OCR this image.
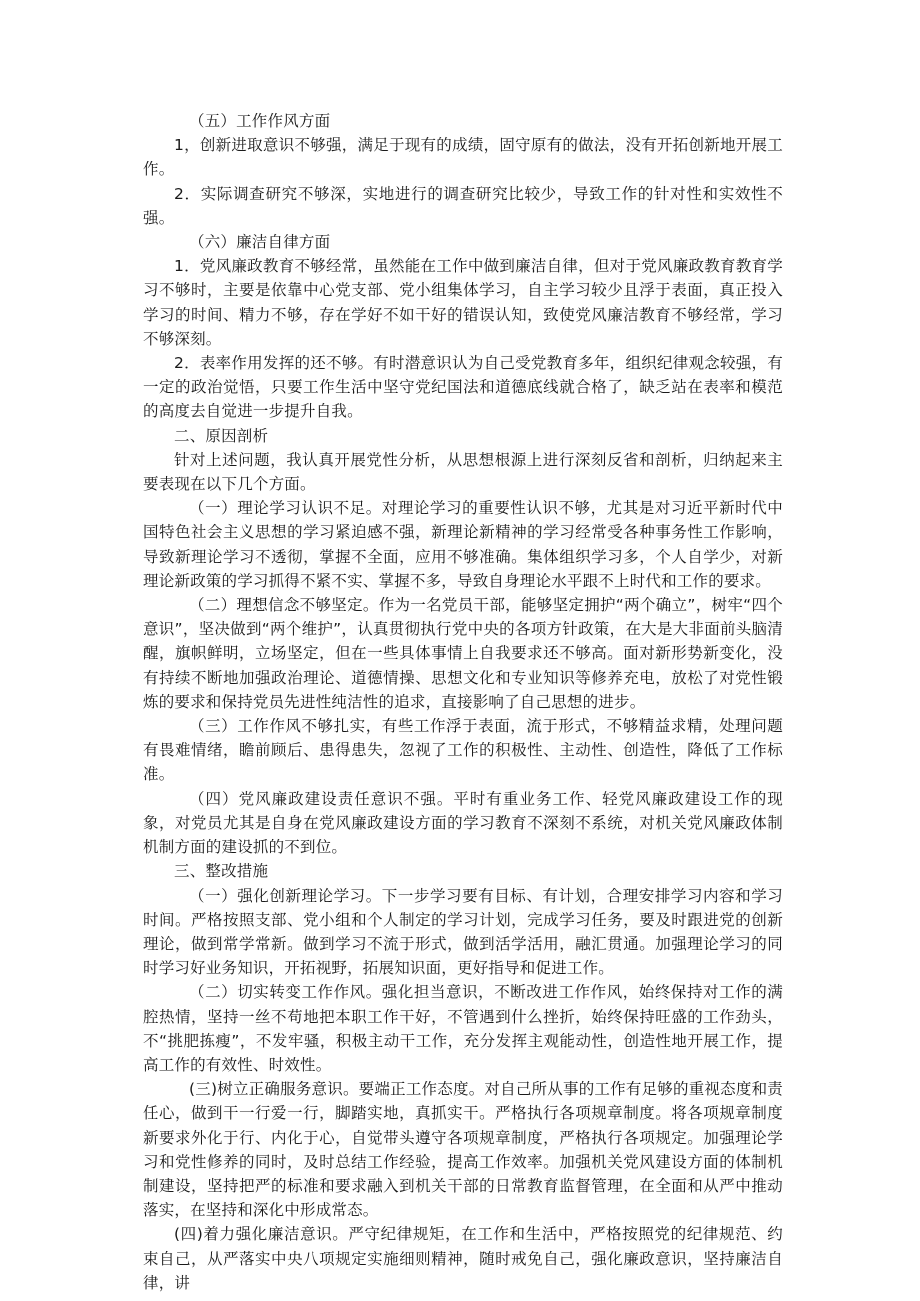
（五）工作作风方面

1，创新进取意识不够强，满足于现有的成绩，固守原有的做法，没有开拓创新地开展工作。

2．实际调查研究不够深，实地进行的调查研究比较少，导致工作的针对性和实效性不强。

（六）廉洁自律方面

1．党风廉政教育不够经常，虽然能在工作中做到廉洁自律，但对于党风廉政教育教育学习不够时，主要是依靠中心党支部、党小组集体学习，自主学习较少且浮于表面，真正投入学习的时间、精力不够，存在学好不如干好的错误认知，致使党风廉洁教育不够经常，学习不够深刻。

2．表率作用发挥的还不够。有时潜意识认为自己受党教育多年，组织纪律观念较强，有一定的政治觉悟，只要工作生活中坚守党纪国法和道德底线就合格了，缺乏站在表率和模范的高度去自觉进一步提升自我。

二、原因剖析

针对上述问题，我认真开展党性分析，从思想根源上进行深刻反省和剖析，归纳起来主要表现在以下几个方面。

（一）理论学习认识不足。对理论学习的重要性认识不够，尤其是对习近平新时代中国特色社会主义思想的学习紧迫感不强，新理论新精神的学习经常受各种事务性工作影响，导致新理论学习不透彻，掌握不全面，应用不够准确。集体组织学习多，个人自学少，对新理论新政策的学习抓得不紧不实、掌握不多，导致自身理论水平跟不上时代和工作的要求。

（二）理想信念不够坚定。作为一名党员干部，能够坚定拥护“两个确立”，树牢“四个意识”，坚决做到“两个维护”，认真贯彻执行党中央的各项方针政策，在大是大非面前头脑清醒，旗帜鲜明，立场坚定，但在一些具体事情上自我要求还不够高。面对新形势新变化，没有持续不断地加强政治理论、道德情操、思想文化和专业知识等修养充电，放松了对党性锻炼的要求和保持党员先进性纯洁性的追求，直接影响了自己思想的进步。

（三）工作作风不够扎实，有些工作浮于表面，流于形式，不够精益求精，处理问题有畏难情绪，瞻前顾后、患得患失，忽视了工作的积极性、主动性、创造性，降低了工作标准。

（四）党风廉政建设责任意识不强。平时有重业务工作、轻党风廉政建设工作的现象，对党员尤其是自身在党风廉政建设方面的学习教育不深刻不系统，对机关党风廉政体制机制方面的建设抓的不到位。

三、整改措施

（一）强化创新理论学习。下一步学习要有目标、有计划，合理安排学习内容和学习时间。严格按照支部、党小组和个人制定的学习计划，完成学习任务，要及时跟进党的创新理论，做到常学常新。做到学习不流于形式，做到活学活用，融汇贯通。加强理论学习的同时学习好业务知识，开拓视野，拓展知识面，更好指导和促进工作。

（二）切实转变工作作风。强化担当意识，不断改进工作作风，始终保持对工作的满腔热情，坚持一丝不苟地把本职工作干好，不管遇到什么挫折，始终保持旺盛的工作劲头，不“挑肥拣瘦”，不发牢骚，积极主动干工作，充分发挥主观能动性，创造性地开展工作，提高工作的有效性、时效性。

(三)树立正确服务意识。要端正工作态度。对自己所从事的工作有足够的重视态度和责任心，做到干一行爱一行，脚踏实地，真抓实干。严格执行各项规章制度。将各项规章制度新要求外化于行、内化于心，自觉带头遵守各项规章制度，严格执行各项规定。加强理论学习和党性修养的同时，及时总结工作经验，提高工作效率。加强机关党风建设方面的体制机制建设，坚持把严的标准和要求融入到机关干部的日常教育监督管理，在全面和从严中推动落实，在坚持和深化中形成常态。

(四)着力强化廉洁意识。严守纪律规矩，在工作和生活中，严格按照党的纪律规范、约束自己，从严落实中央八项规定实施细则精神，随时戒免自己，强化廉政意识，坚持廉洁自律，讲
